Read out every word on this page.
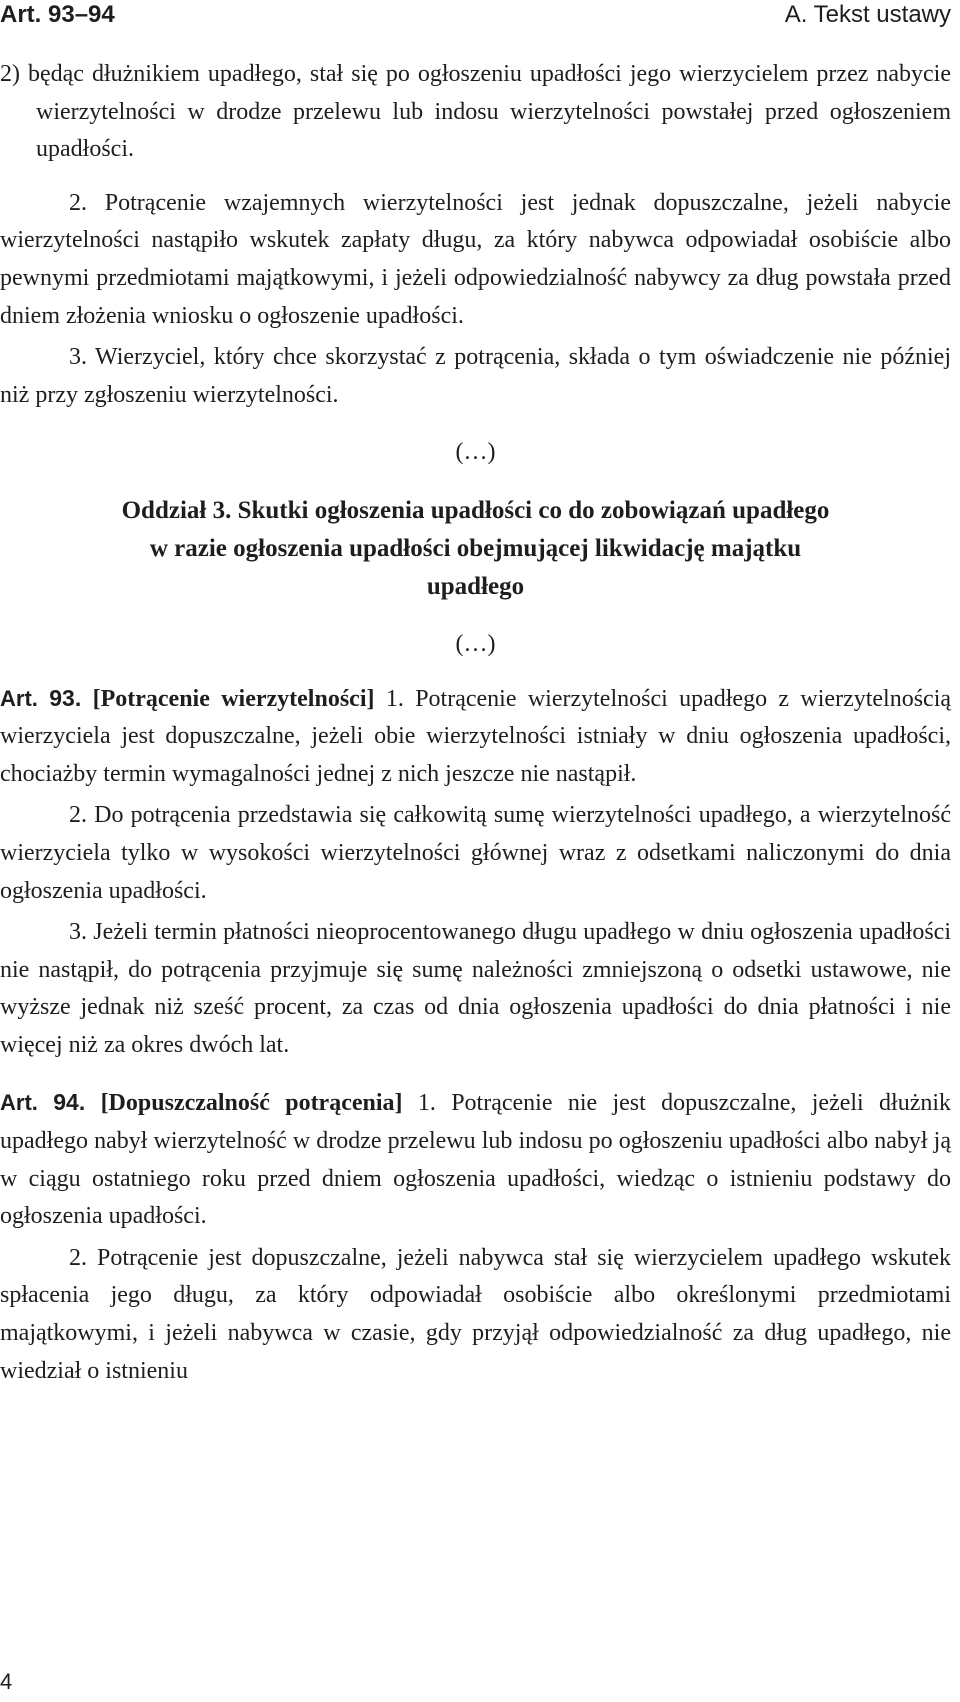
Art. 93–94	A. Tekst ustawy

2) będąc dłużnikiem upadłego, stał się po ogłoszeniu upadłości jego wierzycielem przez nabycie wierzytelności w drodze przelewu lub indosu wierzytelności powstałej przed ogłoszeniem upadłości.

2. Potrącenie wzajemnych wierzytelności jest jednak dopuszczalne, jeżeli nabycie wierzytelności nastąpiło wskutek zapłaty długu, za który nabywca odpowiadał osobiście albo pewnymi przedmiotami majątkowymi, i jeżeli odpowiedzialność nabywcy za dług powstała przed dniem złożenia wniosku o ogłoszenie upadłości.

3. Wierzyciel, który chce skorzystać z potrącenia, składa o tym oświadczenie nie później niż przy zgłoszeniu wierzytelności.

(…)

Oddział 3. Skutki ogłoszenia upadłości co do zobowiązań upadłego

w razie ogłoszenia upadłości obejmującej likwidację majątku

upadłego

(…)

Art. 93. [Potrącenie wierzytelności] 1. Potrącenie wierzytelności upadłego z wierzytelnością wierzyciela jest dopuszczalne, jeżeli obie wierzytelności istniały w dniu ogłoszenia upadłości, chociażby termin wymagalności jednej z nich jeszcze nie nastąpił.

2. Do potrącenia przedstawia się całkowitą sumę wierzytelności upadłego, a wierzytelność wierzyciela tylko w wysokości wierzytelności głównej wraz z odsetkami naliczonymi do dnia ogłoszenia upadłości.

3. Jeżeli termin płatności nieoprocentowanego długu upadłego w dniu ogłoszenia upadłości nie nastąpił, do potrącenia przyjmuje się sumę należności zmniejszoną o odsetki ustawowe, nie wyższe jednak niż sześć procent, za czas od dnia ogłoszenia upadłości do dnia płatności i nie więcej niż za okres dwóch lat.

Art. 94. [Dopuszczalność potrącenia] 1. Potrącenie nie jest dopuszczalne, jeżeli dłużnik upadłego nabył wierzytelność w drodze przelewu lub indosu po ogłoszeniu upadłości albo nabył ją w ciągu ostatniego roku przed dniem ogłoszenia upadłości, wiedząc o istnieniu podstawy do ogłoszenia upadłości.

2. Potrącenie jest dopuszczalne, jeżeli nabywca stał się wierzycielem upadłego wskutek spłacenia jego długu, za który odpowiadał osobiście albo określonymi przedmiotami majątkowymi, i jeżeli nabywca w czasie, gdy przyjął odpowiedzialność za dług upadłego, nie wiedział o istnieniu

4
